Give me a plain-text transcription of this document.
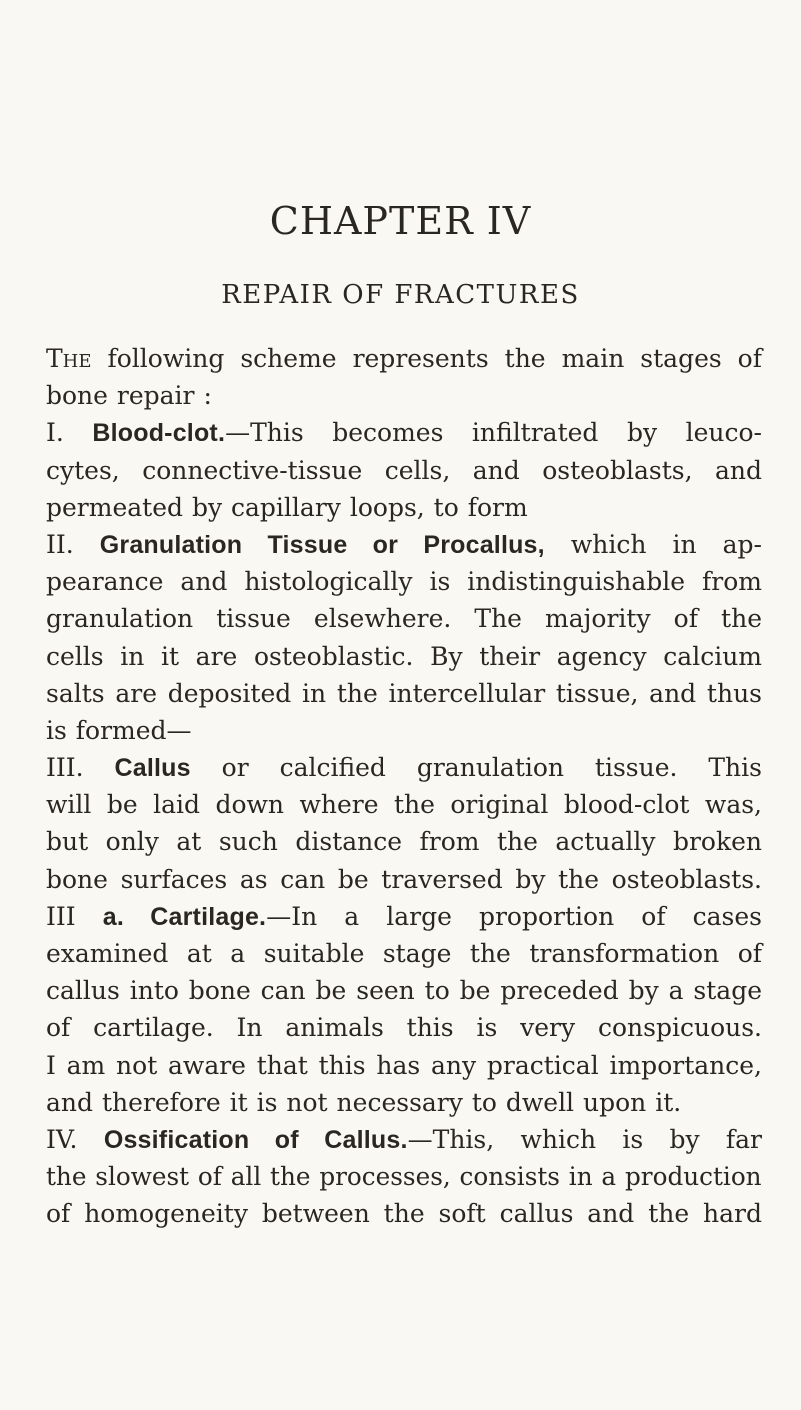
CHAPTER IV
REPAIR OF FRACTURES
The following scheme represents the main stages of
bone repair :
I. Blood-clot.—This becomes infiltrated by leuco-
cytes, connective-tissue cells, and osteoblasts, and
permeated by capillary loops, to form
II. Granulation Tissue or Procallus, which in ap-
pearance and histologically is indistinguishable from
granulation tissue elsewhere. The majority of the
cells in it are osteoblastic. By their agency calcium
salts are deposited in the intercellular tissue, and thus
is formed—
III. Callus or calcified granulation tissue. This
will be laid down where the original blood-clot was,
but only at such distance from the actually broken
bone surfaces as can be traversed by the osteoblasts.
III a. Cartilage.—In a large proportion of cases
examined at a suitable stage the transformation of
callus into bone can be seen to be preceded by a stage
of cartilage. In animals this is very conspicuous.
I am not aware that this has any practical importance,
and therefore it is not necessary to dwell upon it.
IV. Ossification of Callus.—This, which is by far
the slowest of all the processes, consists in a production
of homogeneity between the soft callus and the hard
